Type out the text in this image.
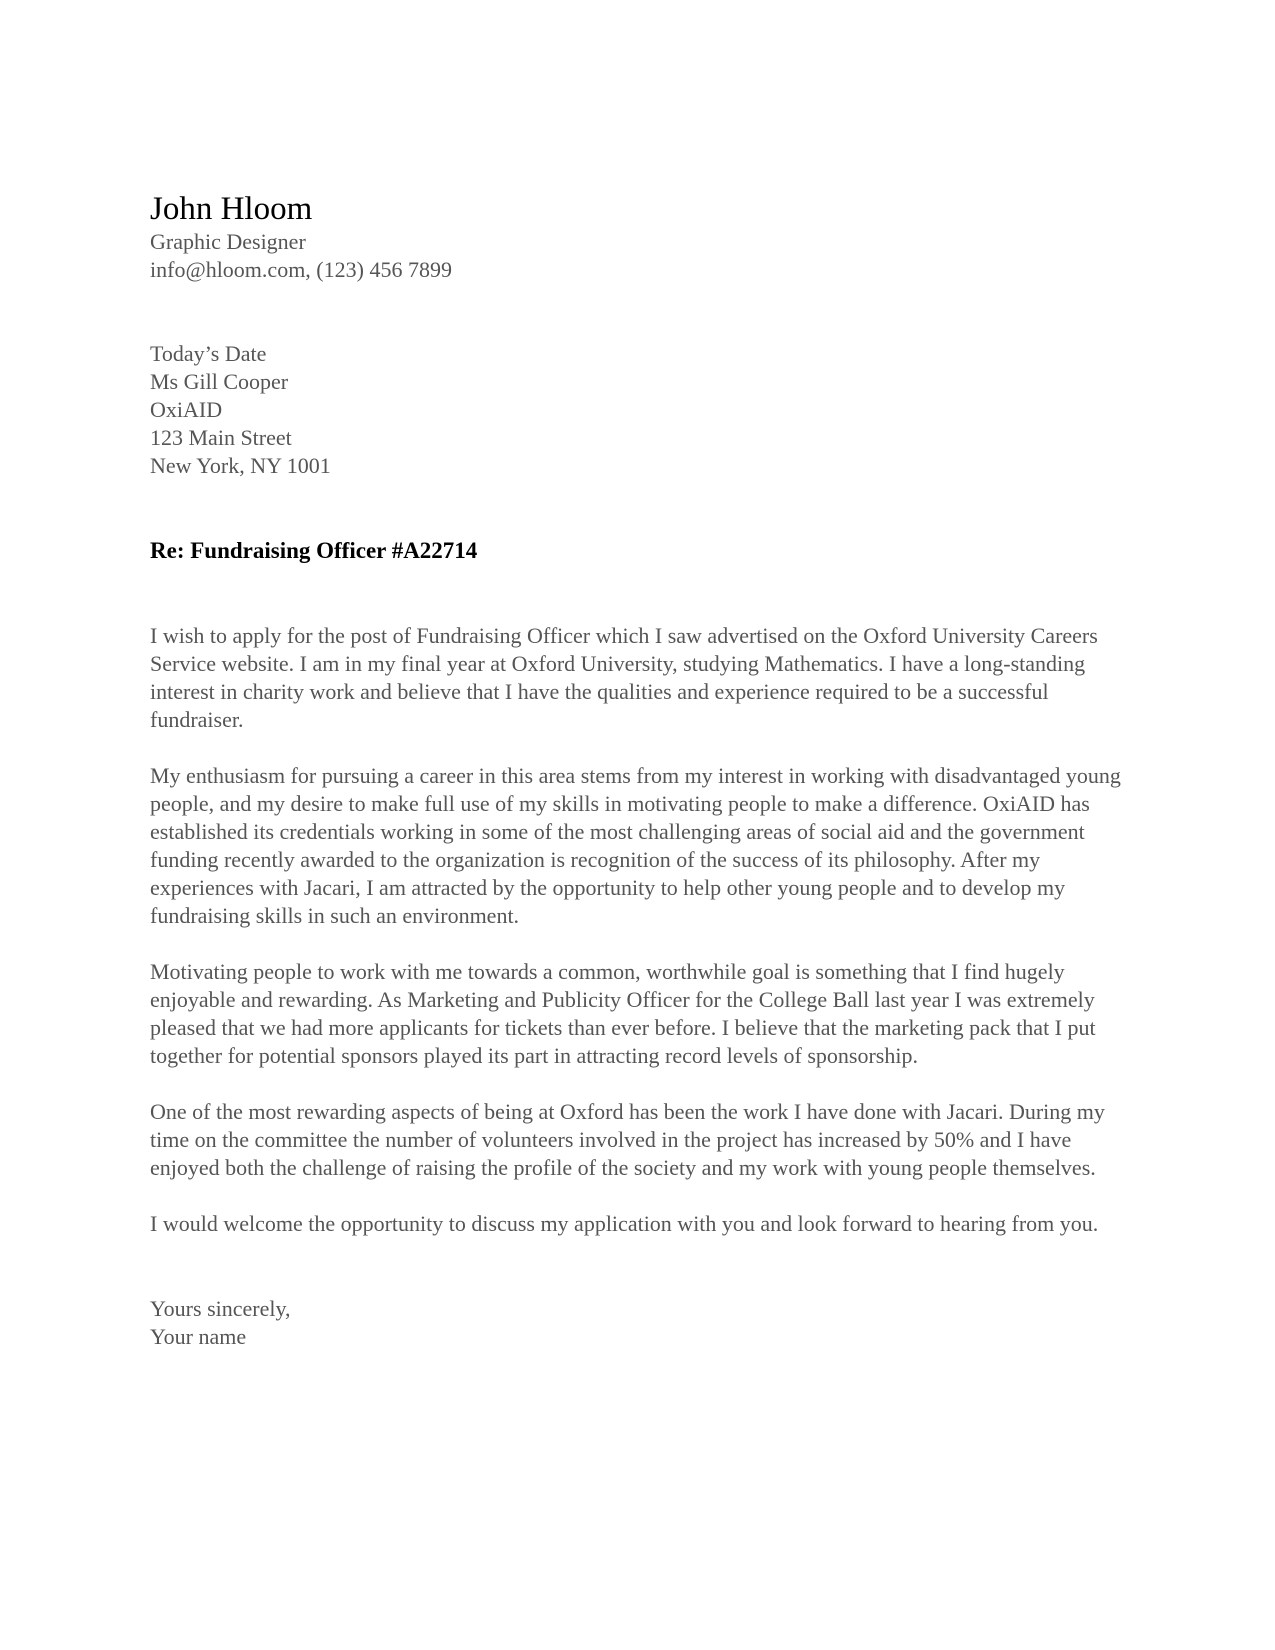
John Hloom

Graphic Designer

info@hloom.com, (123) 456 7899

Today’s Date

Ms Gill Cooper

OxiAID

123 Main Street

New York, NY 1001

Re: Fundraising Officer #A22714

I wish to apply for the post of Fundraising Officer which I saw advertised on the Oxford University Careers Service website. I am in my final year at Oxford University, studying Mathematics. I have a long-standing interest in charity work and believe that I have the qualities and experience required to be a successful fundraiser.

My enthusiasm for pursuing a career in this area stems from my interest in working with disadvantaged young people, and my desire to make full use of my skills in motivating people to make a difference. OxiAID has established its credentials working in some of the most challenging areas of social aid and the government funding recently awarded to the organization is recognition of the success of its philosophy. After my experiences with Jacari, I am attracted by the opportunity to help other young people and to develop my fundraising skills in such an environment.

Motivating people to work with me towards a common, worthwhile goal is something that I find hugely enjoyable and rewarding. As Marketing and Publicity Officer for the College Ball last year I was extremely pleased that we had more applicants for tickets than ever before. I believe that the marketing pack that I put together for potential sponsors played its part in attracting record levels of sponsorship.

One of the most rewarding aspects of being at Oxford has been the work I have done with Jacari. During my time on the committee the number of volunteers involved in the project has increased by 50% and I have enjoyed both the challenge of raising the profile of the society and my work with young people themselves.

I would welcome the opportunity to discuss my application with you and look forward to hearing from you.

Yours sincerely,

Your name
